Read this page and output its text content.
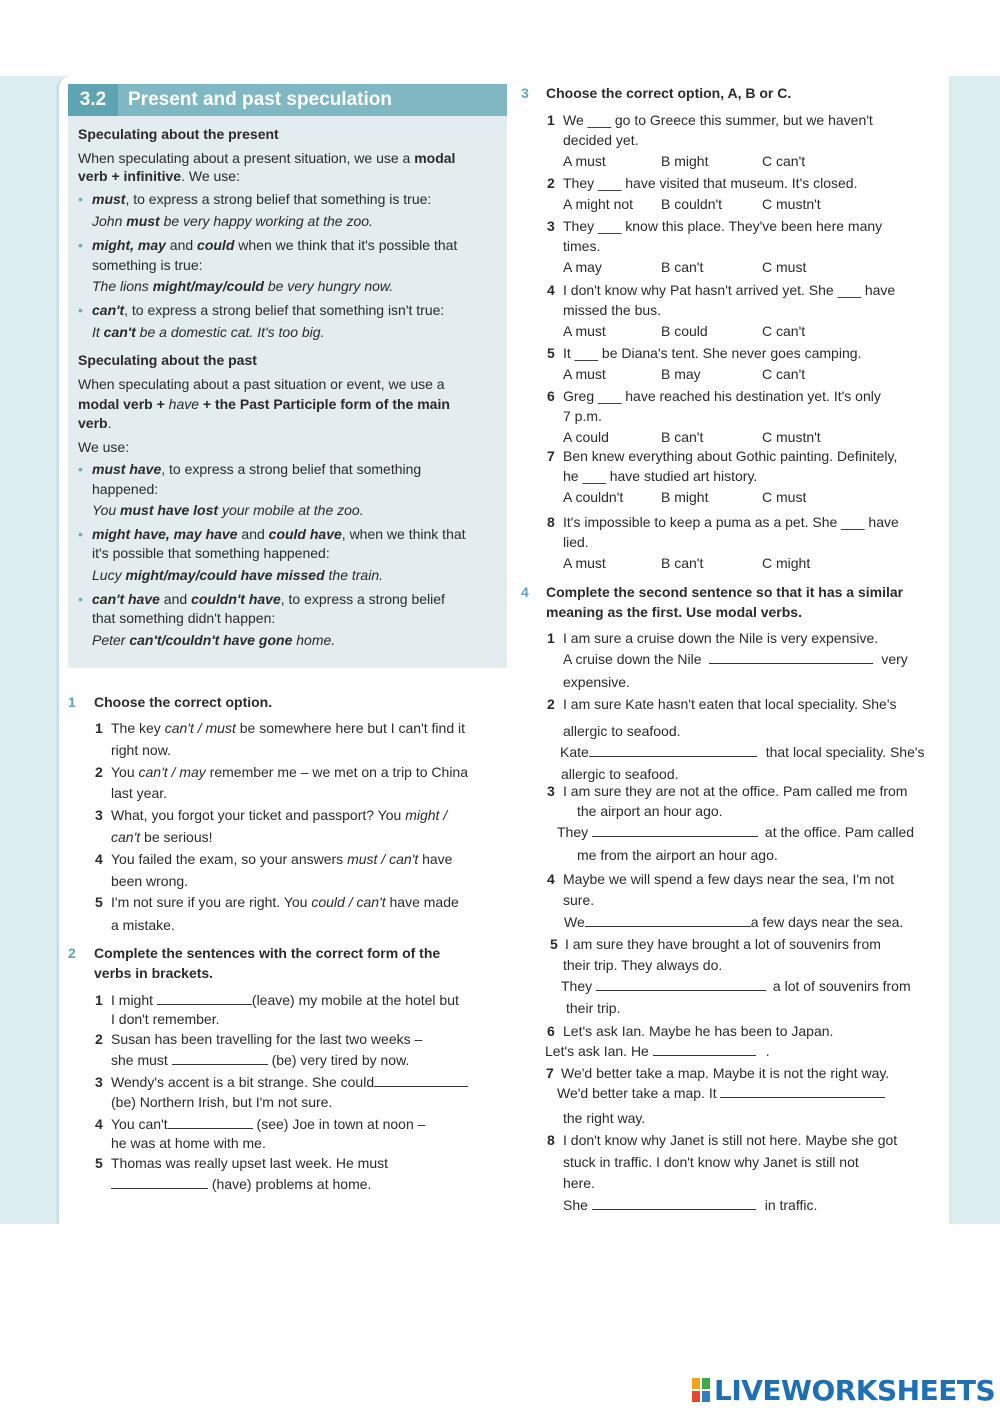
3.2	Present and past speculation
Speculating about the present
When speculating about a present situation, we use a modal
verb + infinitive. We use:
• must, to express a strong belief that something is true:
John must be very happy working at the zoo.
• might, may and could when we think that it's possible that
something is true:
The lions might/may/could be very hungry now.
• can't, to express a strong belief that something isn't true:
It can't be a domestic cat. It's too big.
Speculating about the past
When speculating about a past situation or event, we use a
modal verb + have + the Past Participle form of the main
verb.
We use:
• must have, to express a strong belief that something
happened:
You must have lost your mobile at the zoo.
• might have, may have and could have, when we think that
it's possible that something happened:
Lucy might/may/could have missed the train.
• can't have and couldn't have, to express a strong belief
that something didn't happen:
Peter can't/couldn't have gone home.
1 Choose the correct option.
1 The key can't / must be somewhere here but I can't find it
right now.
2 You can't / may remember me – we met on a trip to China
last year.
3 What, you forgot your ticket and passport? You might /
can't be serious!
4 You failed the exam, so your answers must / can't have
been wrong.
5 I'm not sure if you are right. You could / can't have made
a mistake.
2 Complete the sentences with the correct form of the
verbs in brackets.
1 I might	(leave) my mobile at the hotel but
I don't remember.
2 Susan has been travelling for the last two weeks –
she must	(be) very tired by now.
3 Wendy's accent is a bit strange. She could
(be) Northern Irish, but I'm not sure.
4 You can't	(see) Joe in town at noon –
he was at home with me.
5 Thomas was really upset last week. He must
(have) problems at home.
3 Choose the correct option, A, B or C.
1 We ___ go to Greece this summer, but we haven't
decided yet.
A must	B might	C can't
2 They ___ have visited that museum. It's closed.
A might not B couldn't	C mustn't
3 They ___ know this place. They've been here many
times.
A may	B can't	C must
4 I don't know why Pat hasn't arrived yet. She ___ have
missed the bus.
A must	B could	C can't
5 It ___ be Diana's tent. She never goes camping.
A must	B may	C can't
6 Greg ___ have reached his destination yet. It's only
7 p.m.
A could	B can't	C mustn't
7 Ben knew everything about Gothic painting. Definitely,
he ___ have studied art history.
A couldn't	B might	C must
8 It's impossible to keep a puma as a pet. She ___ have
lied.
A must	B can't	C might
4 Complete the second sentence so that it has a similar
meaning as the first. Use modal verbs.
1 I am sure a cruise down the Nile is very expensive.
A cruise down the Nile	very
expensive.
2 I am sure Kate hasn't eaten that local speciality. She's
allergic to seafood.
Kate	that local speciality. She's
allergic to seafood.
3 I am sure they are not at the office. Pam called me from
the airport an hour ago.
They	at the office. Pam called
me from the airport an hour ago.
4 Maybe we will spend a few days near the sea, I'm not
sure.
We	a few days near the sea.
5 I am sure they have brought a lot of souvenirs from
their trip. They always do.
They	a lot of souvenirs from
their trip.
6 Let's ask Ian. Maybe he has been to Japan.
Let's ask Ian. He	.
7 We'd better take a map. Maybe it is not the right way.
We'd better take a map. It
the right way.
8 I don't know why Janet is still not here. Maybe she got
stuck in traffic. I don't know why Janet is still not
here.
She	in traffic.
LIVEWORKSHEETS
